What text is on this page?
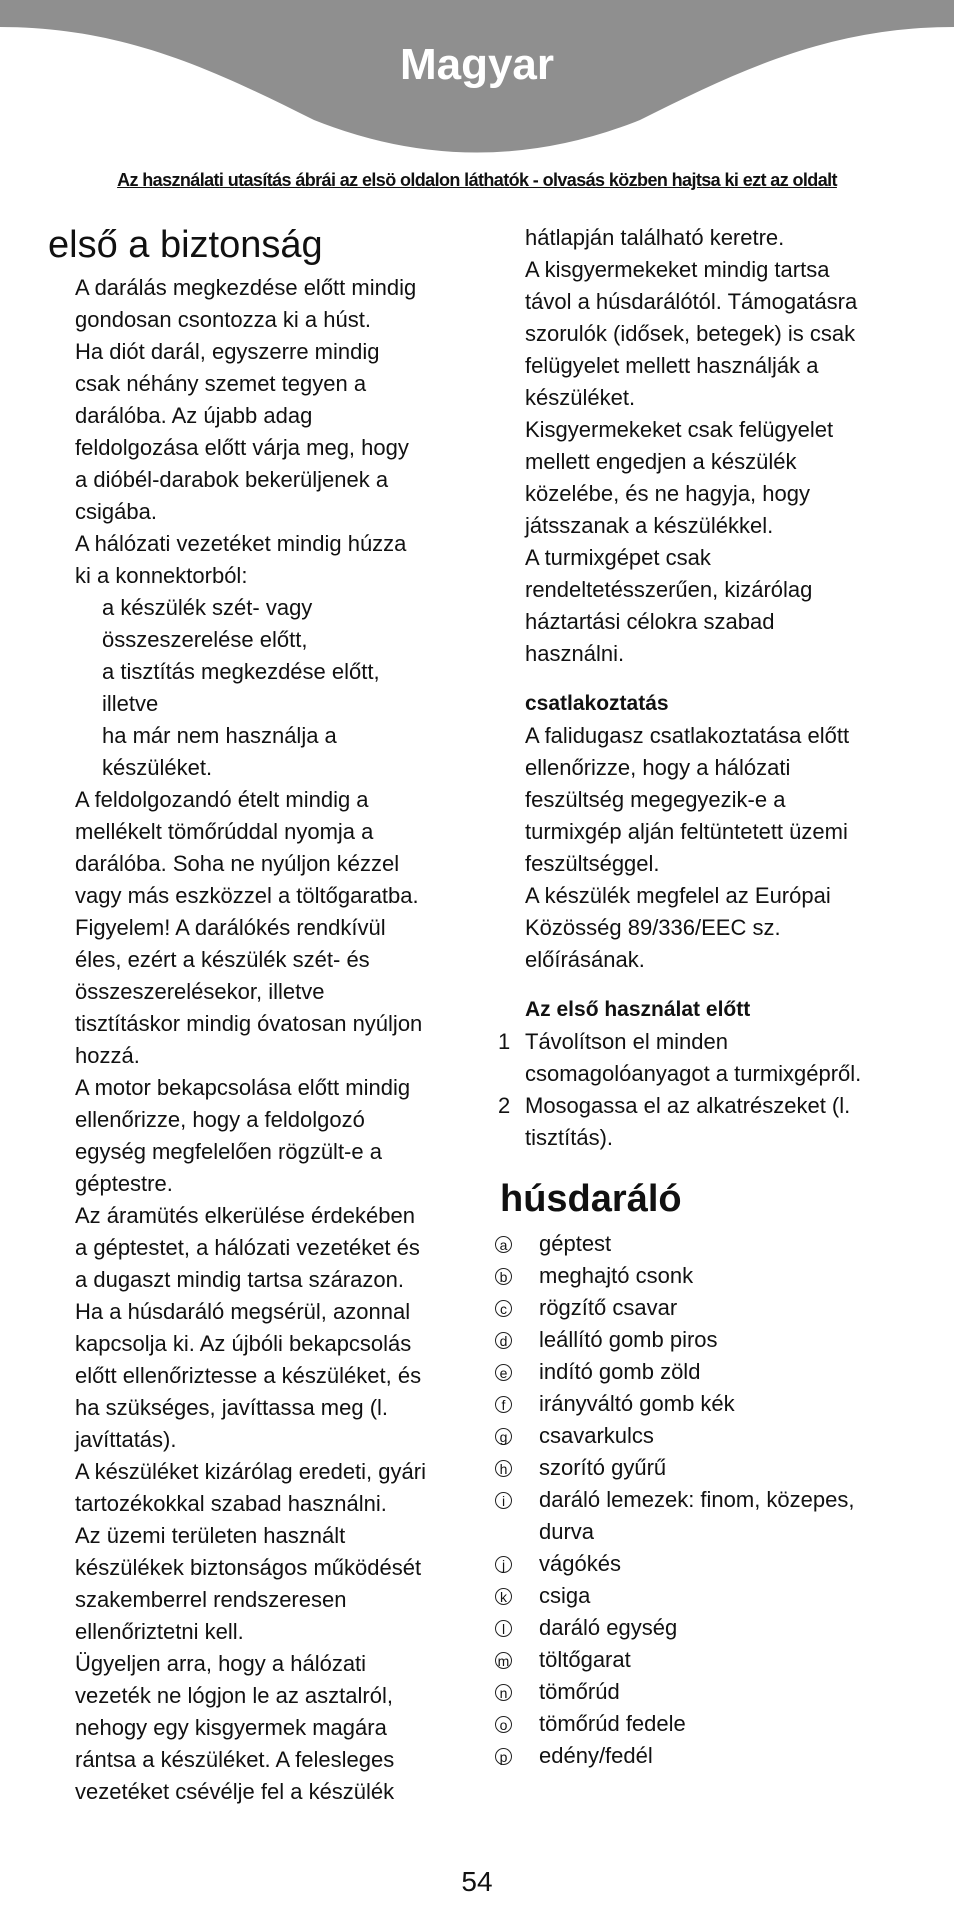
Magyar
Az használati utasítás ábrái az elsö oldalon láthatók - olvasás közben hajtsa ki ezt az oldalt
első a biztonság
A darálás megkezdése előtt mindig
gondosan csontozza ki a húst.
Ha diót darál, egyszerre mindig
csak néhány szemet tegyen a
darálóba. Az újabb adag
feldolgozása előtt várja meg, hogy
a dióbél-darabok bekerüljenek a
csigába.
A hálózati vezetéket mindig húzza
ki a konnektorból:
a készülék szét- vagy
összeszerelése előtt,
a tisztítás megkezdése előtt,
illetve
ha már nem használja a
készüléket.
A feldolgozandó ételt mindig a
mellékelt tömőrúddal nyomja a
darálóba. Soha ne nyúljon kézzel
vagy más eszközzel a töltőgaratba.
Figyelem! A darálókés rendkívül
éles, ezért a készülék szét- és
összeszerelésekor, illetve
tisztításkor mindig óvatosan nyúljon
hozzá.
A motor bekapcsolása előtt mindig
ellenőrizze, hogy a feldolgozó
egység megfelelően rögzült-e a
géptestre.
Az áramütés elkerülése érdekében
a géptestet, a hálózati vezetéket és
a dugaszt mindig tartsa szárazon.
Ha a húsdaráló megsérül, azonnal
kapcsolja ki. Az újbóli bekapcsolás
előtt ellenőriztesse a készüléket, és
ha szükséges, javíttassa meg (l.
javíttatás).
A készüléket kizárólag eredeti, gyári
tartozékokkal szabad használni.
Az üzemi területen használt
készülékek biztonságos működését
szakemberrel rendszeresen
ellenőriztetni kell.
Ügyeljen arra, hogy a hálózati
vezeték ne lógjon le az asztalról,
nehogy egy kisgyermek magára
rántsa a készüléket. A felesleges
vezetéket csévélje fel a készülék
hátlapján található keretre.
A kisgyermekeket mindig tartsa
távol a húsdarálótól. Támogatásra
szorulók (idősek, betegek) is csak
felügyelet mellett használják a
készüléket.
Kisgyermekeket csak felügyelet
mellett engedjen a készülék
közelébe, és ne hagyja, hogy
játsszanak a készülékkel.
A turmixgépet csak
rendeltetésszerűen, kizárólag
háztartási célokra szabad
használni.
csatlakoztatás
A falidugasz csatlakoztatása előtt
ellenőrizze, hogy a hálózati
feszültség megegyezik-e a
turmixgép alján feltüntetett üzemi
feszültséggel.
A készülék megfelel az Európai
Közösség 89/336/EEC sz.
előírásának.
Az első használat előtt
1 Távolítson el minden
csomagolóanyagot a turmixgépről.
2 Mosogassa el az alkatrészeket (l.
tisztítás).
húsdaráló
a géptest
b meghajtó csonk
c rögzítő csavar
d leállító gomb piros
e indító gomb zöld
f irányváltó gomb kék
g csavarkulcs
h szorító gyűrű
i	daráló lemezek: finom, közepes,
durva
j	vágókés
k csiga
l	daráló egység
m töltőgarat
n tömőrúd
o tömőrúd fedele
p edény/fedél
54
